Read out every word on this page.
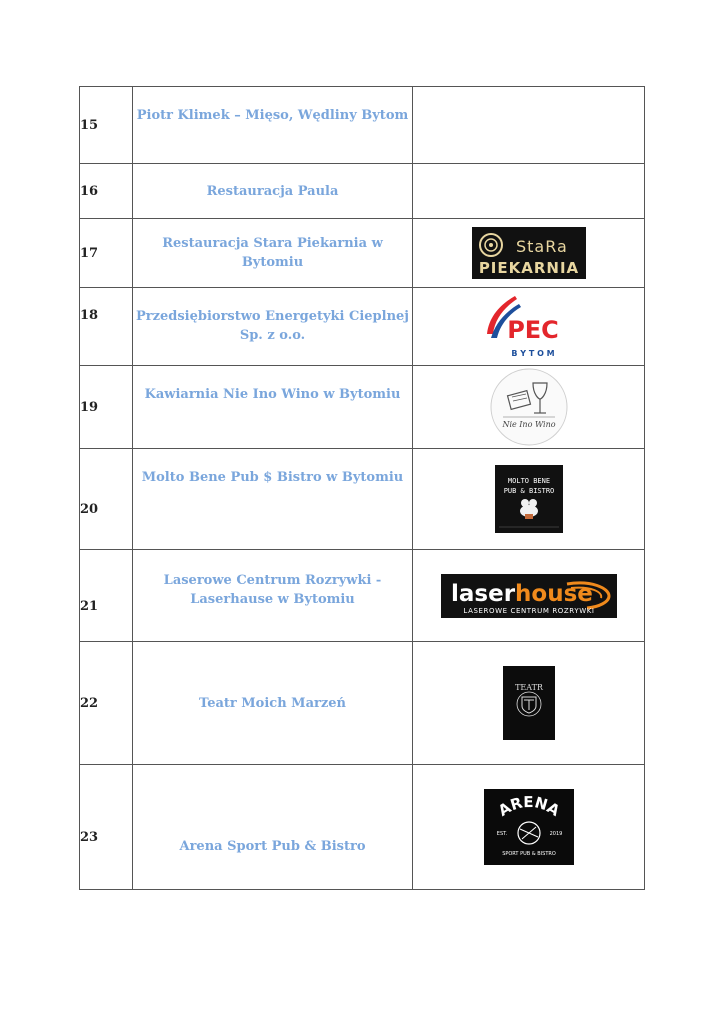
15	Piotr Klimek – Mięso, Wędliny Bytom	
16	Restauracja Paula	
17	Restauracja Stara Piekarnia w Bytomiu	StaRa
PIEKARNIA

18	Przedsiębiorstwo Energetyki Cieplnej Sp. z o.o.	PEC
B Y T O M

19	Kawiarnia Nie Ino Wino w Bytomiu	Nie Ino Wino

20	Molto Bene Pub $ Bistro w Bytomiu	MOLTO BENE
PUB & BISTRO

21	Laserowe Centrum Rozrywki - Laserhause w Bytomiu	laserhouse
LASEROWE CENTRUM ROZRYWKI

22	Teatr Moich Marzeń	TEATR

23	Arena Sport Pub & Bistro	ARENA
EST. 2019
SPORT PUB & BISTRO
